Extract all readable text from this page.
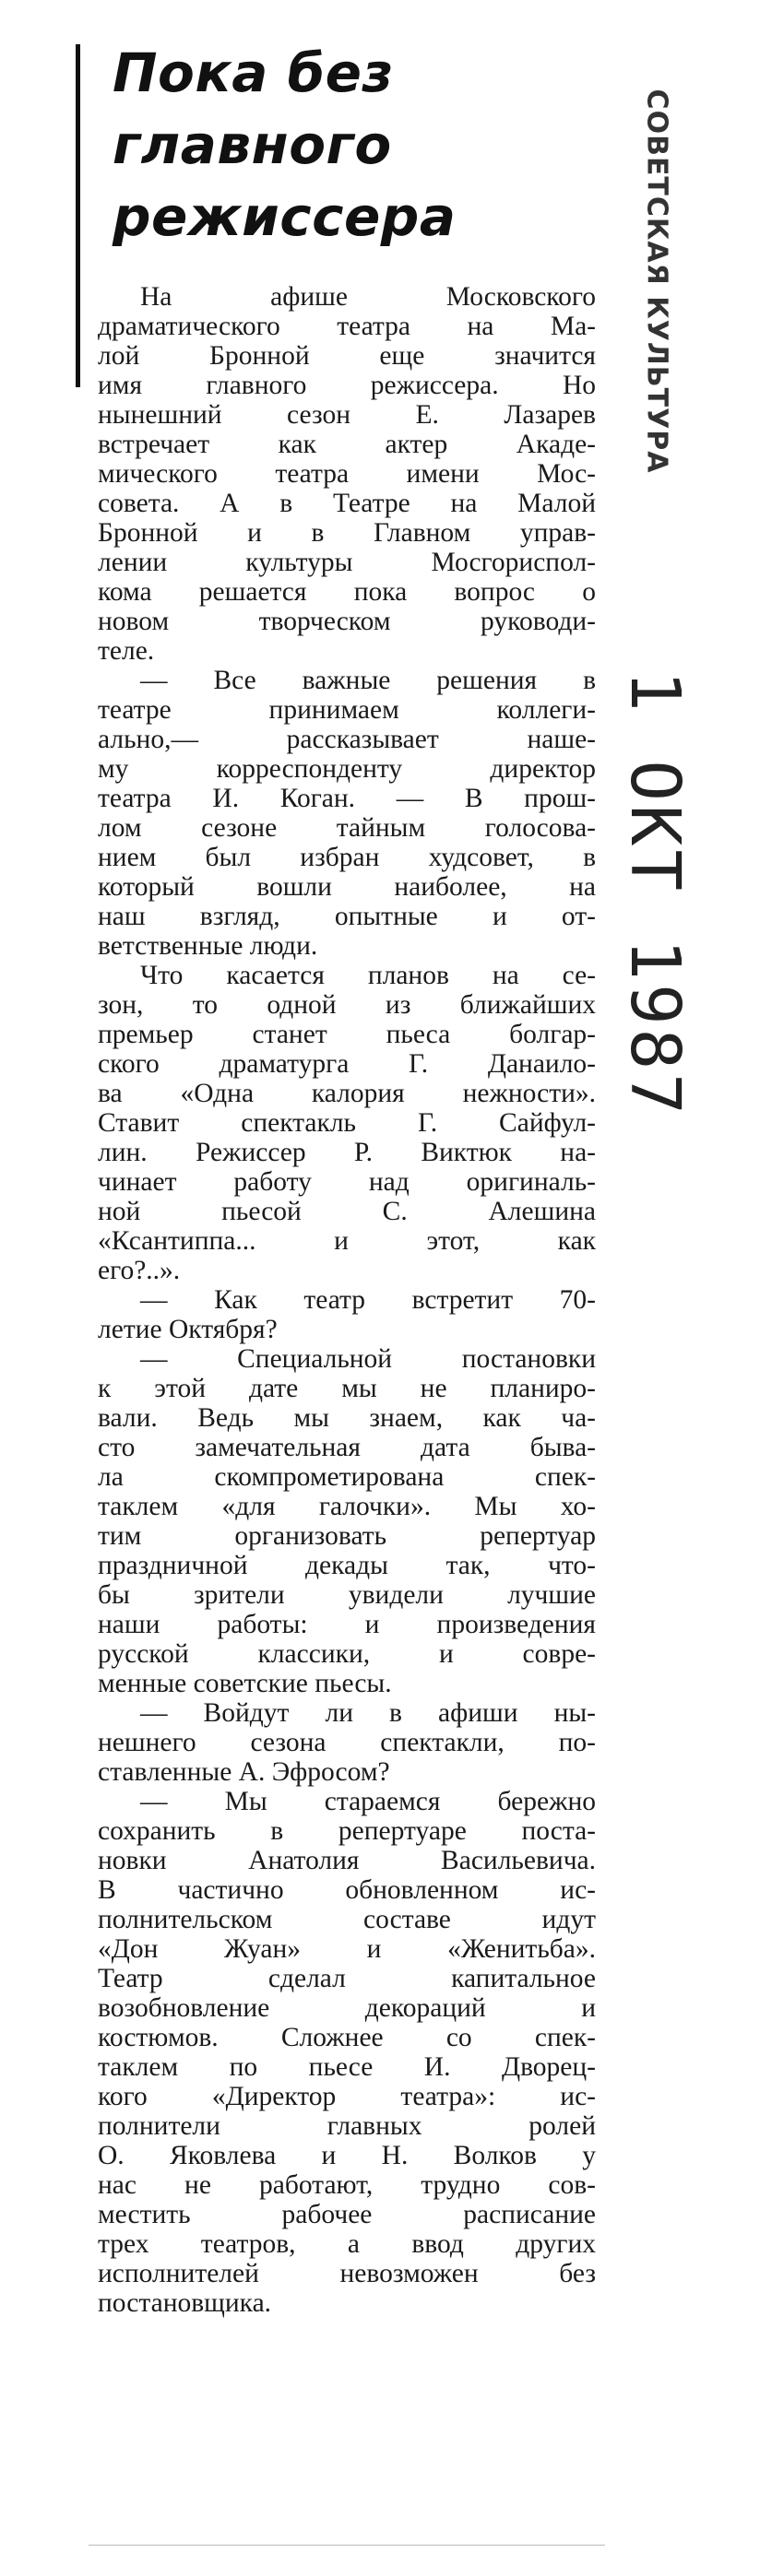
Пока без
главного
режиссера	СОВЕТСКАЯ КУЛЬТУРА
1 ОКТ 1987

На афише Московского
драматического театра на Ма-
лой Бронной еще значится
имя главного режиссера. Но
нынешний сезон Е. Лазарев
встречает как актер Акаде-
мического театра имени Мос-
совета. А в Театре на Малой
Бронной и в Главном управ-
лении культуры Мосгориспол-
кома решается пока вопрос о
новом творческом руководи-
теле.

— Все важные решения в
театре принимаем коллеги-
ально,— рассказывает наше-
му корреспонденту директор
театра И. Коган. — В прош-
лом сезоне тайным голосова-
нием был избран худсовет, в
который вошли наиболее, на
наш взгляд, опытные и от-
ветственные люди.

Что касается планов на се-
зон, то одной из ближайших
премьер станет пьеса болгар-
ского драматурга Г. Данаило-
ва «Одна калория нежности».
Ставит спектакль Г. Сайфул-
лин. Режиссер Р. Виктюк на-
чинает работу над оригиналь-
ной пьесой С. Алешина
«Ксантиппа... и этот, как
его?..».

— Как театр встретит 70-
летие Октября?

— Специальной постановки
к этой дате мы не планиро-
вали. Ведь мы знаем, как ча-
сто замечательная дата быва-
ла скомпрометирована спек-
таклем «для галочки». Мы хо-
тим организовать репертуар
праздничной декады так, что-
бы зрители увидели лучшие
наши работы: и произведения
русской классики, и совре-
менные советские пьесы.

— Войдут ли в афиши ны-
нешнего сезона спектакли, по-
ставленные А. Эфросом?

— Мы стараемся бережно
сохранить в репертуаре поста-
новки Анатолия Васильевича.
В частично обновленном ис-
полнительском составе идут
«Дон Жуан» и «Женитьба».
Театр сделал капитальное
возобновление декораций и
костюмов. Сложнее со спек-
таклем по пьесе И. Дворец-
кого «Директор театра»: ис-
полнители главных ролей
О. Яковлева и Н. Волков у
нас не работают, трудно сов-
местить рабочее расписание
трех театров, а ввод других
исполнителей невозможен без
постановщика.
